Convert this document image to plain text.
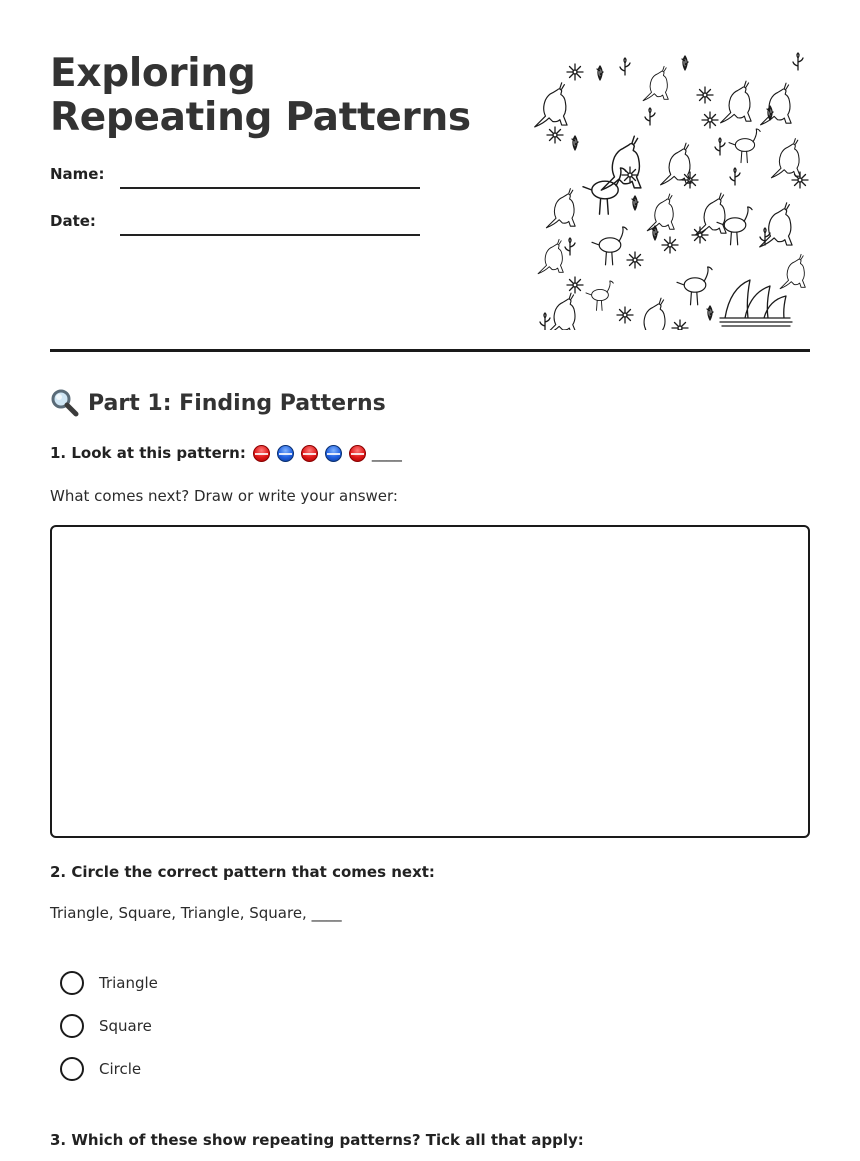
Exploring Repeating Patterns
Name:
Date:
Part 1: Finding Patterns
1. Look at this pattern:	____
What comes next? Draw or write your answer:
2. Circle the correct pattern that comes next:
Triangle, Square, Triangle, Square, ____
Triangle
Square
Circle
3. Which of these show repeating patterns? Tick all that apply:
